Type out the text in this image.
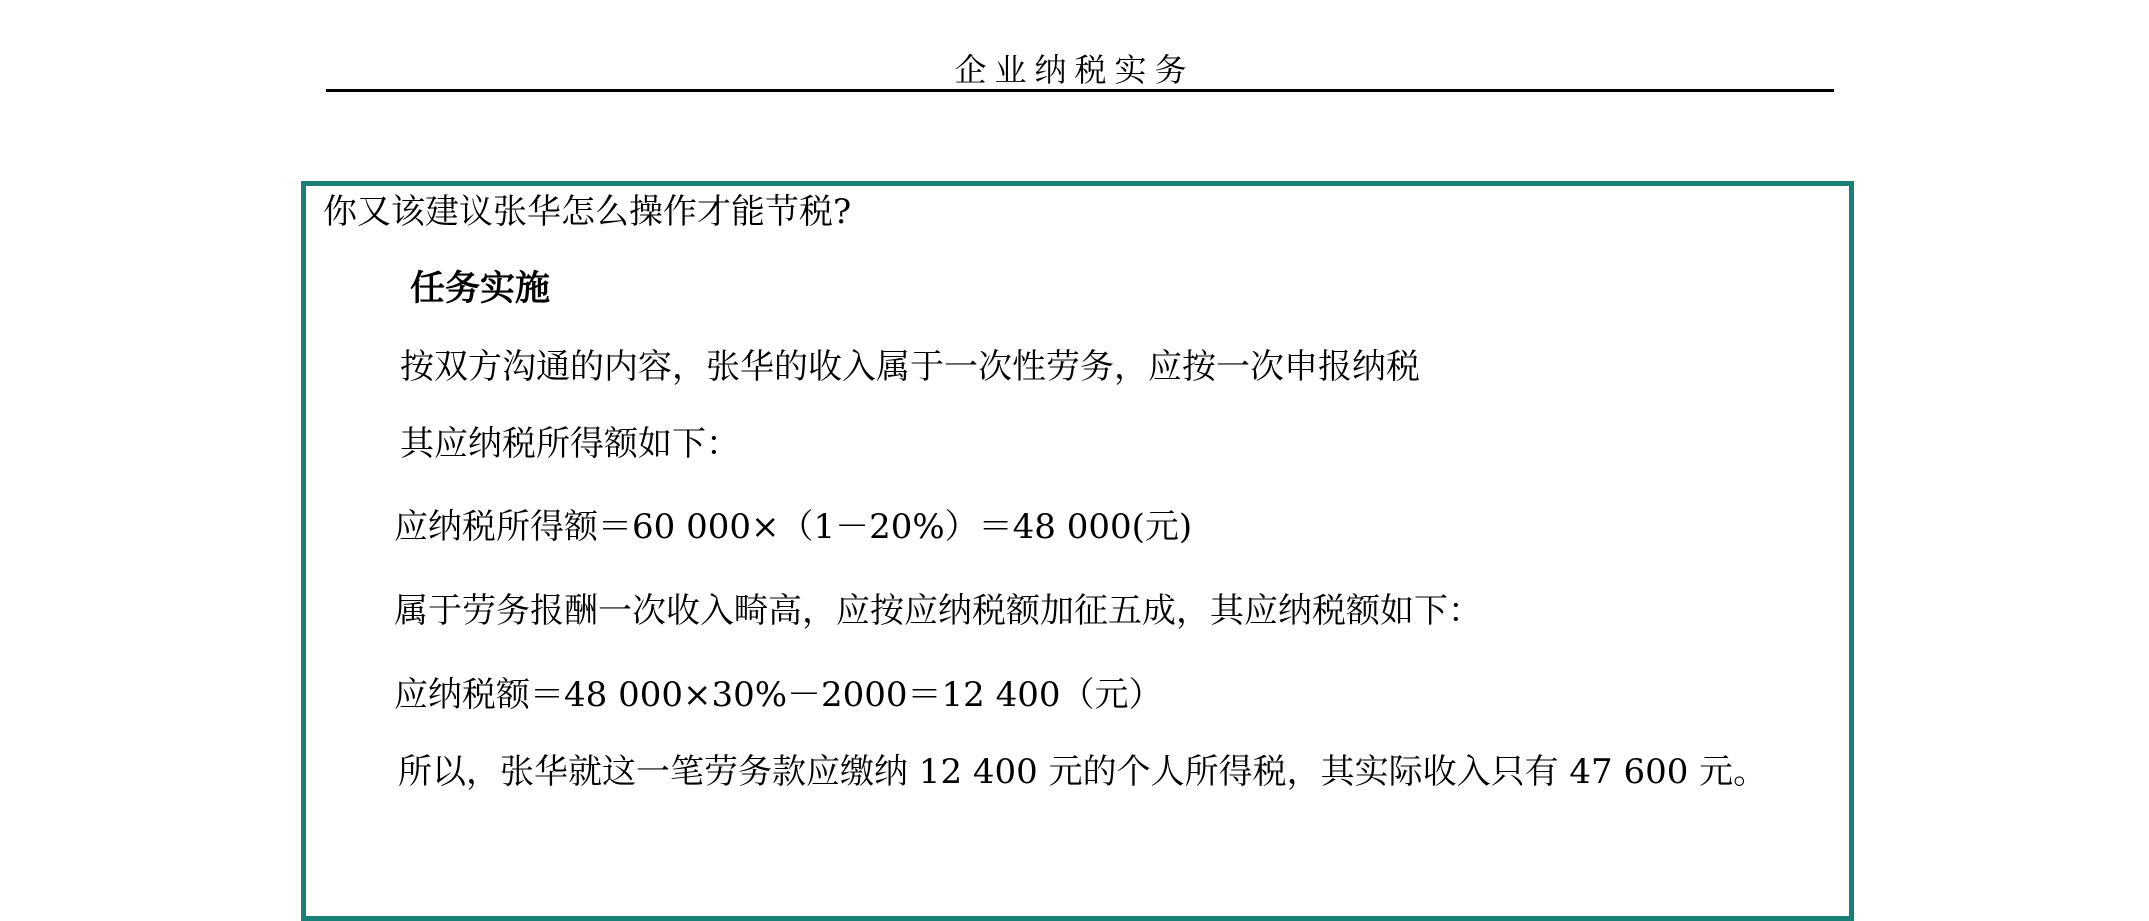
企业纳税实务
你又该建议张华怎么操作才能节税?
任务实施
按双方沟通的内容，张华的收入属于一次性劳务，应按一次申报纳税
其应纳税所得额如下：
应纳税所得额＝60 000×（1－20%）＝48 000(元)
属于劳务报酬一次收入畸高，应按应纳税额加征五成，其应纳税额如下：
应纳税额＝48 000×30%－2000＝12 400（元）
所以，张华就这一笔劳务款应缴纳 12 400 元的个人所得税，其实际收入只有 47 600 元。
